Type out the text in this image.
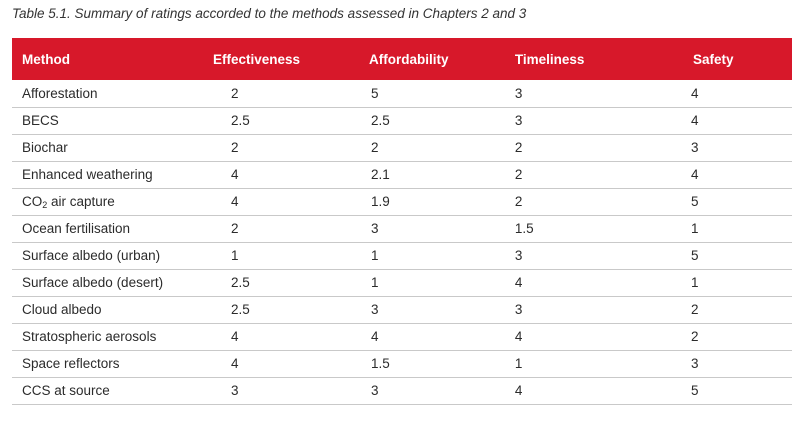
Table 5.1. Summary of ratings accorded to the methods assessed in Chapters 2 and 3
Method	Effectiveness	Affordability	Timeliness	Safety
Afforestation	2	5	3	4
BECS	2.5	2.5	3	4
Biochar	2	2	2	3
Enhanced weathering	4	2.1	2	4
$CO_2$ air capture	4	1.9	2	5
Ocean fertilisation	2	3	1.5	1
Surface albedo (urban)	1	1	3	5
Surface albedo (desert)	2.5	1	4	1
Cloud albedo	2.5	3	3	2
Stratospheric aerosols	4	4	4	2
Space reflectors	4	1.5	1	3
CCS at source	3	3	4	5
